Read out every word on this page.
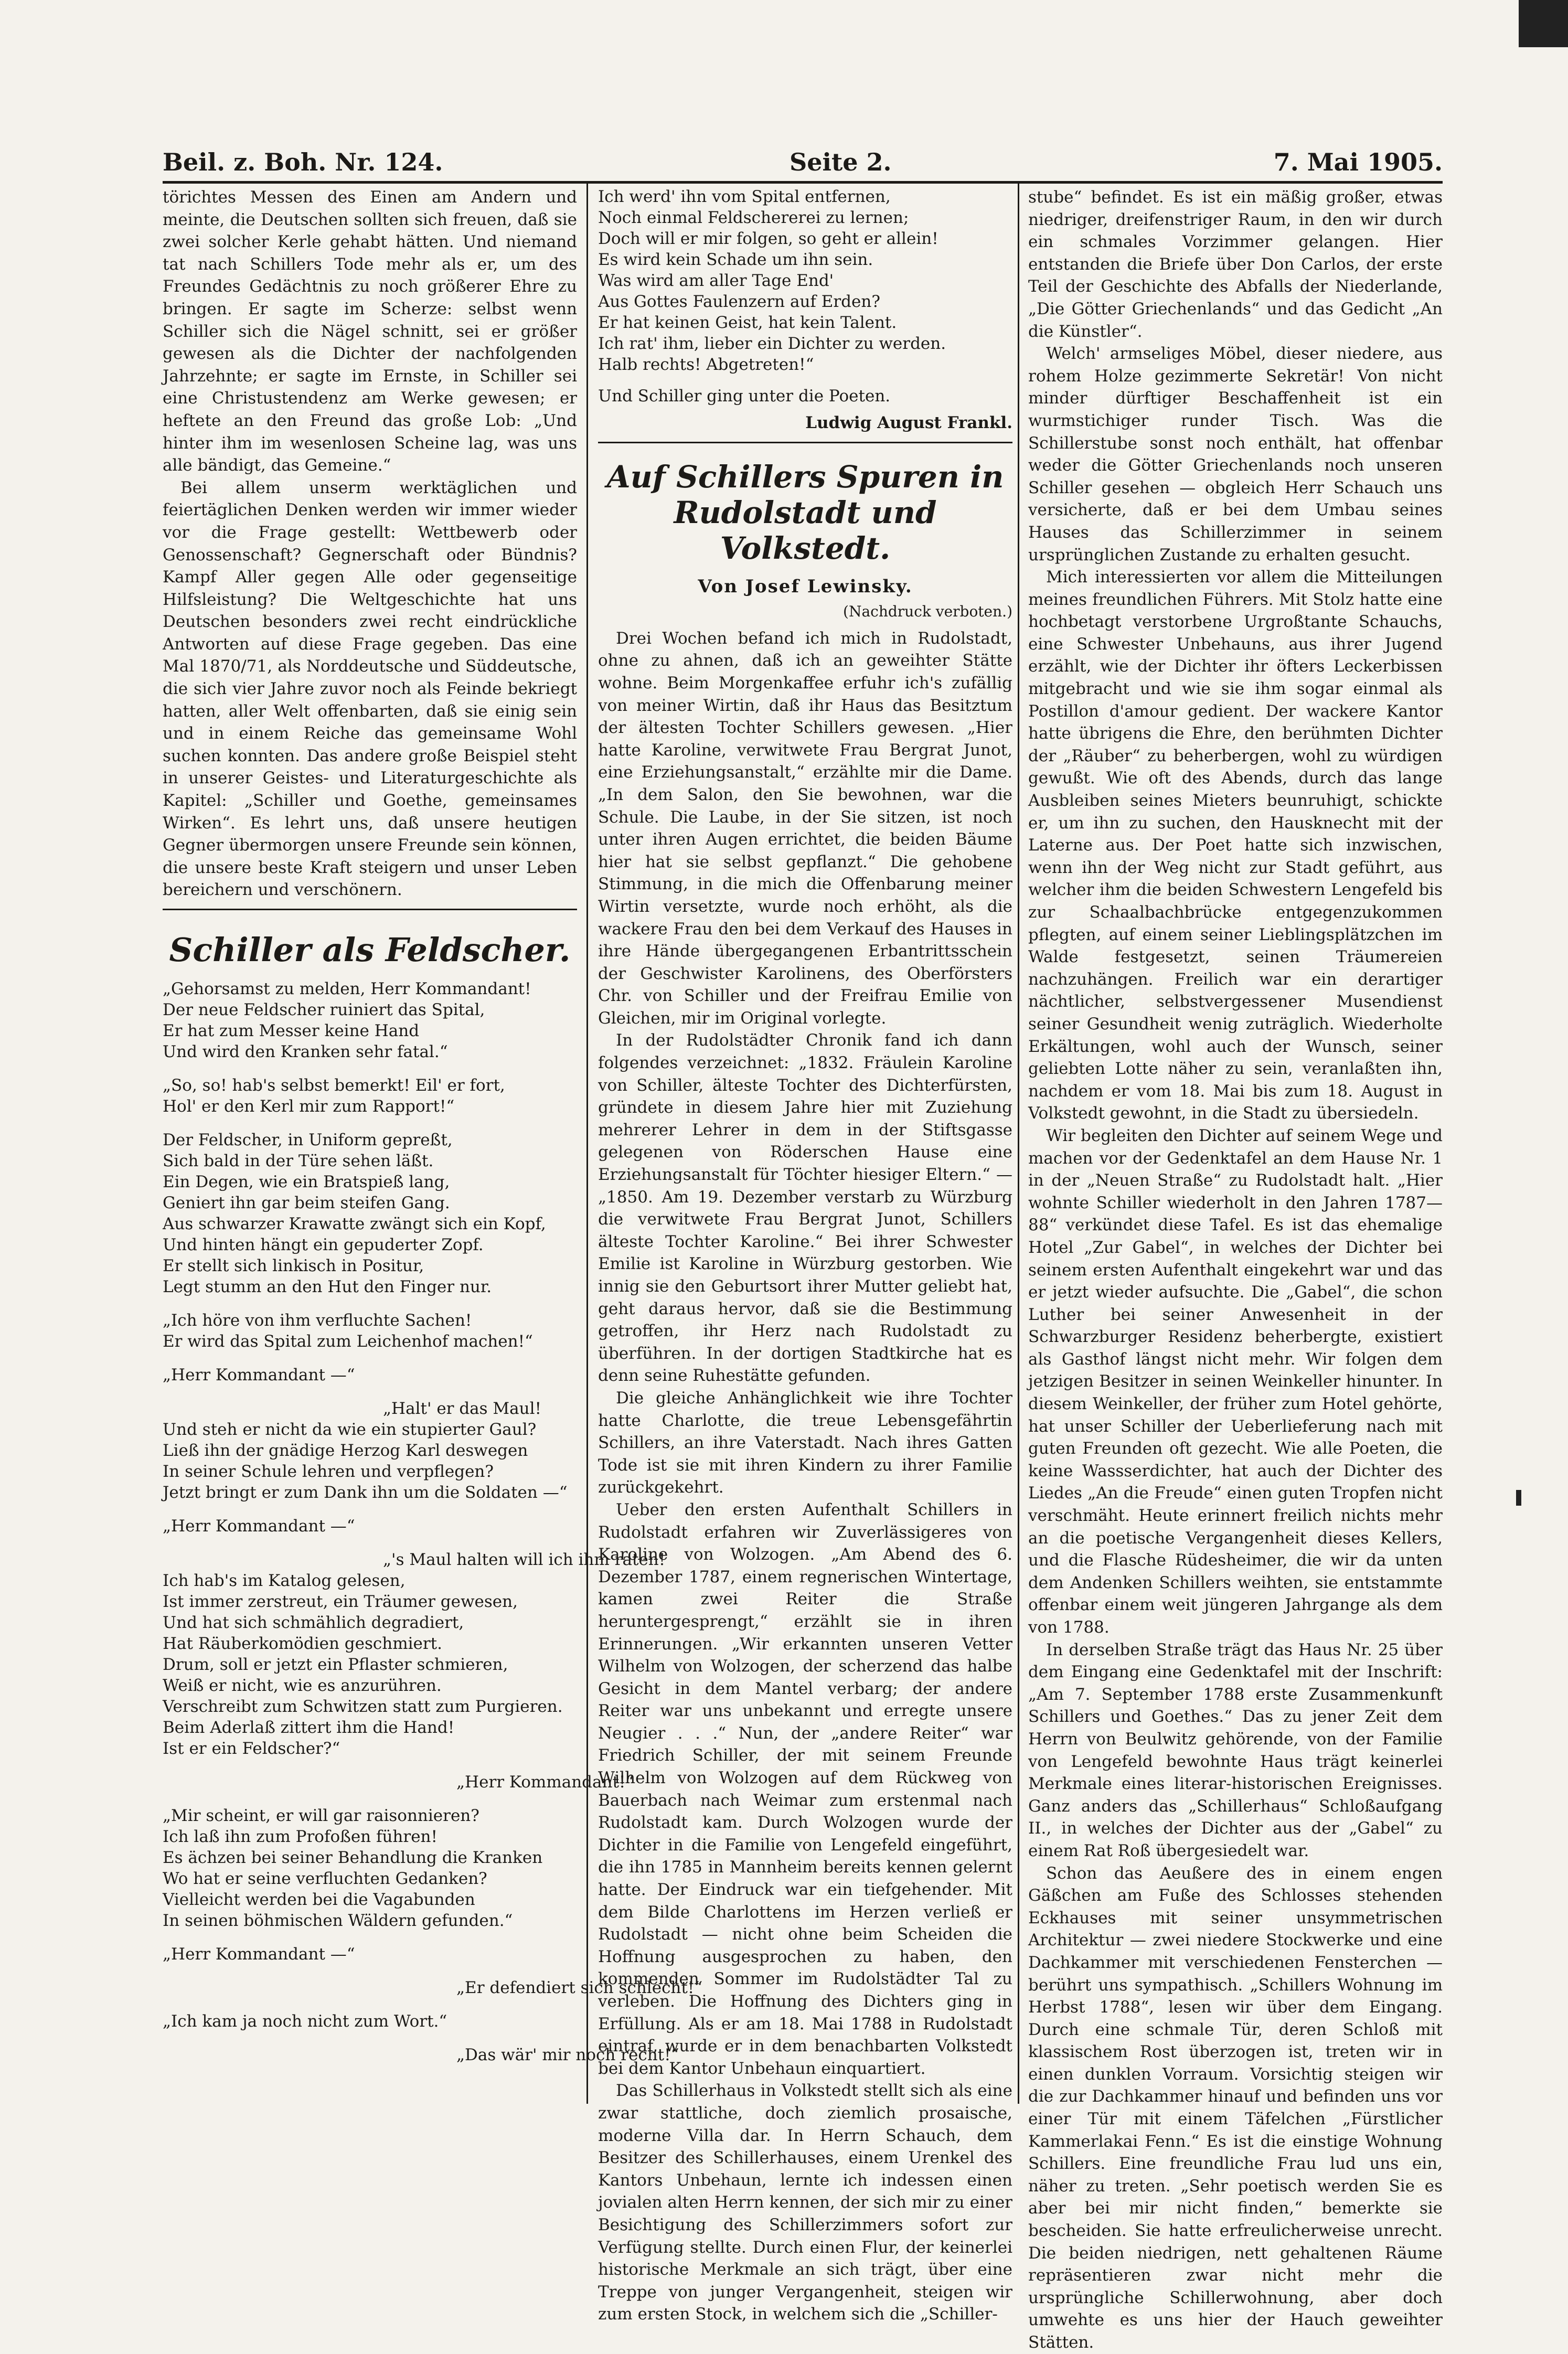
Beil. z. Boh. Nr. 124.	Seite 2.	7. Mai 1905.

törichtes Messen des Einen am Andern und meinte, die Deutschen sollten sich freuen, daß sie zwei solcher Kerle gehabt hätten. Und niemand tat nach Schillers Tode mehr als er, um des Freundes Gedächtnis zu noch größerer Ehre zu bringen. Er sagte im Scherze: selbst wenn Schiller sich die Nägel schnitt, sei er größer gewesen als die Dichter der nachfolgenden Jahrzehnte; er sagte im Ernste, in Schiller sei eine Christustendenz am Werke gewesen; er heftete an den Freund das große Lob: „Und hinter ihm im wesenlosen Scheine lag, was uns alle bändigt, das Gemeine.“

Bei allem unserm werktäglichen und feiertäglichen Denken werden wir immer wieder vor die Frage gestellt: Wettbewerb oder Genossenschaft? Gegnerschaft oder Bündnis? Kampf Aller gegen Alle oder gegenseitige Hilfsleistung? Die Weltgeschichte hat uns Deutschen besonders zwei recht eindrückliche Antworten auf diese Frage gegeben. Das eine Mal 1870/71, als Norddeutsche und Süddeutsche, die sich vier Jahre zuvor noch als Feinde bekriegt hatten, aller Welt offenbarten, daß sie einig sein und in einem Reiche das gemeinsame Wohl suchen konnten. Das andere große Beispiel steht in unserer Geistes- und Literaturgeschichte als Kapitel: „Schiller und Goethe, gemeinsames Wirken“. Es lehrt uns, daß unsere heutigen Gegner übermorgen unsere Freunde sein können, die unsere beste Kraft steigern und unser Leben bereichern und verschönern.

Schiller als Feldscher.
„Gehorsamst zu melden, Herr Kommandant!
Der neue Feldscher ruiniert das Spital,
Er hat zum Messer keine Hand
Und wird den Kranken sehr fatal.“
„So, so! hab's selbst bemerkt! Eil' er fort,
Hol' er den Kerl mir zum Rapport!“
Der Feldscher, in Uniform gepreßt,
Sich bald in der Türe sehen läßt.
Ein Degen, wie ein Bratspieß lang,
Geniert ihn gar beim steifen Gang.
Aus schwarzer Krawatte zwängt sich ein Kopf,
Und hinten hängt ein gepuderter Zopf.
Er stellt sich linkisch in Positur,
Legt stumm an den Hut den Finger nur.
„Ich höre von ihm verfluchte Sachen!
Er wird das Spital zum Leichenhof machen!“
„Herr Kommandant —“
„Halt' er das Maul!
Und steh er nicht da wie ein stupierter Gaul?
Ließ ihn der gnädige Herzog Karl deswegen
In seiner Schule lehren und verpflegen?
Jetzt bringt er zum Dank ihn um die Soldaten —“
„Herr Kommandant —“
„'s Maul halten will ich ihm raten!
Ich hab's im Katalog gelesen,
Ist immer zerstreut, ein Träumer gewesen,
Und hat sich schmählich degradiert,
Hat Räuberkomödien geschmiert.
Drum, soll er jetzt ein Pflaster schmieren,
Weiß er nicht, wie es anzurühren.
Verschreibt zum Schwitzen statt zum Purgieren.
Beim Aderlaß zittert ihm die Hand!
Ist er ein Feldscher?“
„Herr Kommandant!“
„Mir scheint, er will gar raisonnieren?
Ich laß ihn zum Profoßen führen!
Es ächzen bei seiner Behandlung die Kranken
Wo hat er seine verfluchten Gedanken?
Vielleicht werden bei die Vagabunden
In seinen böhmischen Wäldern gefunden.“
„Herr Kommandant —“
„Er defendiert sich schlecht!“
„Ich kam ja noch nicht zum Wort.“
„Das wär' mir noch recht!“
Ich werd' ihn vom Spital entfernen,
Noch einmal Feldschererei zu lernen;
Doch will er mir folgen, so geht er allein!
Es wird kein Schade um ihn sein.
Was wird am aller Tage End'
Aus Gottes Faulenzern auf Erden?
Er hat keinen Geist, hat kein Talent.
Ich rat' ihm, lieber ein Dichter zu werden.
Halb rechts! Abgetreten!“
Und Schiller ging unter die Poeten.
Ludwig August Frankl.
Auf Schillers Spuren in Rudolstadt und Volkstedt.
Von Josef Lewinsky.
(Nachdruck verboten.)

Drei Wochen befand ich mich in Rudolstadt, ohne zu ahnen, daß ich an geweihter Stätte wohne. Beim Morgenkaffee erfuhr ich's zufällig von meiner Wirtin, daß ihr Haus das Besitztum der ältesten Tochter Schillers gewesen. „Hier hatte Karoline, verwitwete Frau Bergrat Junot, eine Erziehungsanstalt,“ erzählte mir die Dame. „In dem Salon, den Sie bewohnen, war die Schule. Die Laube, in der Sie sitzen, ist noch unter ihren Augen errichtet, die beiden Bäume hier hat sie selbst gepflanzt.“ Die gehobene Stimmung, in die mich die Offenbarung meiner Wirtin versetzte, wurde noch erhöht, als die wackere Frau den bei dem Verkauf des Hauses in ihre Hände übergegangenen Erbantrittsschein der Geschwister Karolinens, des Oberförsters Chr. von Schiller und der Freifrau Emilie von Gleichen, mir im Original vorlegte.

In der Rudolstädter Chronik fand ich dann folgendes verzeichnet: „1832. Fräulein Karoline von Schiller, älteste Tochter des Dichterfürsten, gründete in diesem Jahre hier mit Zuziehung mehrerer Lehrer in dem in der Stiftsgasse gelegenen von Röderschen Hause eine Erziehungsanstalt für Töchter hiesiger Eltern.“ — „1850. Am 19. Dezember verstarb zu Würzburg die verwitwete Frau Bergrat Junot, Schillers älteste Tochter Karoline.“ Bei ihrer Schwester Emilie ist Karoline in Würzburg gestorben. Wie innig sie den Geburtsort ihrer Mutter geliebt hat, geht daraus hervor, daß sie die Bestimmung getroffen, ihr Herz nach Rudolstadt zu überführen. In der dortigen Stadtkirche hat es denn seine Ruhestätte gefunden.

Die gleiche Anhänglichkeit wie ihre Tochter hatte Charlotte, die treue Lebensgefährtin Schillers, an ihre Vaterstadt. Nach ihres Gatten Tode ist sie mit ihren Kindern zu ihrer Familie zurückgekehrt.

Ueber den ersten Aufenthalt Schillers in Rudolstadt erfahren wir Zuverlässigeres von Karoline von Wolzogen. „Am Abend des 6. Dezember 1787, einem regnerischen Wintertage, kamen zwei Reiter die Straße heruntergesprengt,“ erzählt sie in ihren Erinnerungen. „Wir erkannten unseren Vetter Wilhelm von Wolzogen, der scherzend das halbe Gesicht in dem Mantel verbarg; der andere Reiter war uns unbekannt und erregte unsere Neugier . . .“ Nun, der „andere Reiter“ war Friedrich Schiller, der mit seinem Freunde Wilhelm von Wolzogen auf dem Rückweg von Bauerbach nach Weimar zum erstenmal nach Rudolstadt kam. Durch Wolzogen wurde der Dichter in die Familie von Lengefeld eingeführt, die ihn 1785 in Mannheim bereits kennen gelernt hatte. Der Eindruck war ein tiefgehender. Mit dem Bilde Charlottens im Herzen verließ er Rudolstadt — nicht ohne beim Scheiden die Hoffnung ausgesprochen zu haben, den kommenden Sommer im Rudolstädter Tal zu verleben. Die Hoffnung des Dichters ging in Erfüllung. Als er am 18. Mai 1788 in Rudolstadt eintraf, wurde er in dem benachbarten Volkstedt bei dem Kantor Unbehaun einquartiert.

Das Schillerhaus in Volkstedt stellt sich als eine zwar stattliche, doch ziemlich prosaische, moderne Villa dar. In Herrn Schauch, dem Besitzer des Schillerhauses, einem Urenkel des Kantors Unbehaun, lernte ich indessen einen jovialen alten Herrn kennen, der sich mir zu einer Besichtigung des Schillerzimmers sofort zur Verfügung stellte. Durch einen Flur, der keinerlei historische Merkmale an sich trägt, über eine Treppe von junger Vergangenheit, steigen wir zum ersten Stock, in welchem sich die „Schiller-

stube“ befindet. Es ist ein mäßig großer, etwas niedriger, dreifenstriger Raum, in den wir durch ein schmales Vorzimmer gelangen. Hier entstanden die Briefe über Don Carlos, der erste Teil der Geschichte des Abfalls der Niederlande, „Die Götter Griechenlands“ und das Gedicht „An die Künstler“.

Welch' armseliges Möbel, dieser niedere, aus rohem Holze gezimmerte Sekretär! Von nicht minder dürftiger Beschaffenheit ist ein wurmstichiger runder Tisch. Was die Schillerstube sonst noch enthält, hat offenbar weder die Götter Griechenlands noch unseren Schiller gesehen — obgleich Herr Schauch uns versicherte, daß er bei dem Umbau seines Hauses das Schillerzimmer in seinem ursprünglichen Zustande zu erhalten gesucht.

Mich interessierten vor allem die Mitteilungen meines freundlichen Führers. Mit Stolz hatte eine hochbetagt verstorbene Urgroßtante Schauchs, eine Schwester Unbehauns, aus ihrer Jugend erzählt, wie der Dichter ihr öfters Leckerbissen mitgebracht und wie sie ihm sogar einmal als Postillon d'amour gedient. Der wackere Kantor hatte übrigens die Ehre, den berühmten Dichter der „Räuber“ zu beherbergen, wohl zu würdigen gewußt. Wie oft des Abends, durch das lange Ausbleiben seines Mieters beunruhigt, schickte er, um ihn zu suchen, den Hausknecht mit der Laterne aus. Der Poet hatte sich inzwischen, wenn ihn der Weg nicht zur Stadt geführt, aus welcher ihm die beiden Schwestern Lengefeld bis zur Schaalbachbrücke entgegenzukommen pflegten, auf einem seiner Lieblingsplätzchen im Walde festgesetzt, seinen Träumereien nachzuhängen. Freilich war ein derartiger nächtlicher, selbstvergessener Musendienst seiner Gesundheit wenig zuträglich. Wiederholte Erkältungen, wohl auch der Wunsch, seiner geliebten Lotte näher zu sein, veranlaßten ihn, nachdem er vom 18. Mai bis zum 18. August in Volkstedt gewohnt, in die Stadt zu übersiedeln.

Wir begleiten den Dichter auf seinem Wege und machen vor der Gedenktafel an dem Hause Nr. 1 in der „Neuen Straße“ zu Rudolstadt halt. „Hier wohnte Schiller wiederholt in den Jahren 1787—88“ verkündet diese Tafel. Es ist das ehemalige Hotel „Zur Gabel“, in welches der Dichter bei seinem ersten Aufenthalt eingekehrt war und das er jetzt wieder aufsuchte. Die „Gabel“, die schon Luther bei seiner Anwesenheit in der Schwarzburger Residenz beherbergte, existiert als Gasthof längst nicht mehr. Wir folgen dem jetzigen Besitzer in seinen Weinkeller hinunter. In diesem Weinkeller, der früher zum Hotel gehörte, hat unser Schiller der Ueberlieferung nach mit guten Freunden oft gezecht. Wie alle Poeten, die keine Wassserdichter, hat auch der Dichter des Liedes „An die Freude“ einen guten Tropfen nicht verschmäht. Heute erinnert freilich nichts mehr an die poetische Vergangenheit dieses Kellers, und die Flasche Rüdesheimer, die wir da unten dem Andenken Schillers weihten, sie entstammte offenbar einem weit jüngeren Jahrgange als dem von 1788.

In derselben Straße trägt das Haus Nr. 25 über dem Eingang eine Gedenktafel mit der Inschrift: „Am 7. September 1788 erste Zusammenkunft Schillers und Goethes.“ Das zu jener Zeit dem Herrn von Beulwitz gehörende, von der Familie von Lengefeld bewohnte Haus trägt keinerlei Merkmale eines literar-historischen Ereignisses. Ganz anders das „Schillerhaus“ Schloßaufgang II., in welches der Dichter aus der „Gabel“ zu einem Rat Roß übergesiedelt war.

Schon das Aeußere des in einem engen Gäßchen am Fuße des Schlosses stehenden Eckhauses mit seiner unsymmetrischen Architektur — zwei niedere Stockwerke und eine Dachkammer mit verschiedenen Fensterchen — berührt uns sympathisch. „Schillers Wohnung im Herbst 1788“, lesen wir über dem Eingang. Durch eine schmale Tür, deren Schloß mit klassischem Rost überzogen ist, treten wir in einen dunklen Vorraum. Vorsichtig steigen wir die zur Dachkammer hinauf und befinden uns vor einer Tür mit einem Täfelchen „Fürstlicher Kammerlakai Fenn.“ Es ist die einstige Wohnung Schillers. Eine freundliche Frau lud uns ein, näher zu treten. „Sehr poetisch werden Sie es aber bei mir nicht finden,“ bemerkte sie bescheiden. Sie hatte erfreulicherweise unrecht. Die beiden niedrigen, nett gehaltenen Räume repräsentieren zwar nicht mehr die ursprüngliche Schillerwohnung, aber doch umwehte es uns hier der Hauch geweihter Stätten.
